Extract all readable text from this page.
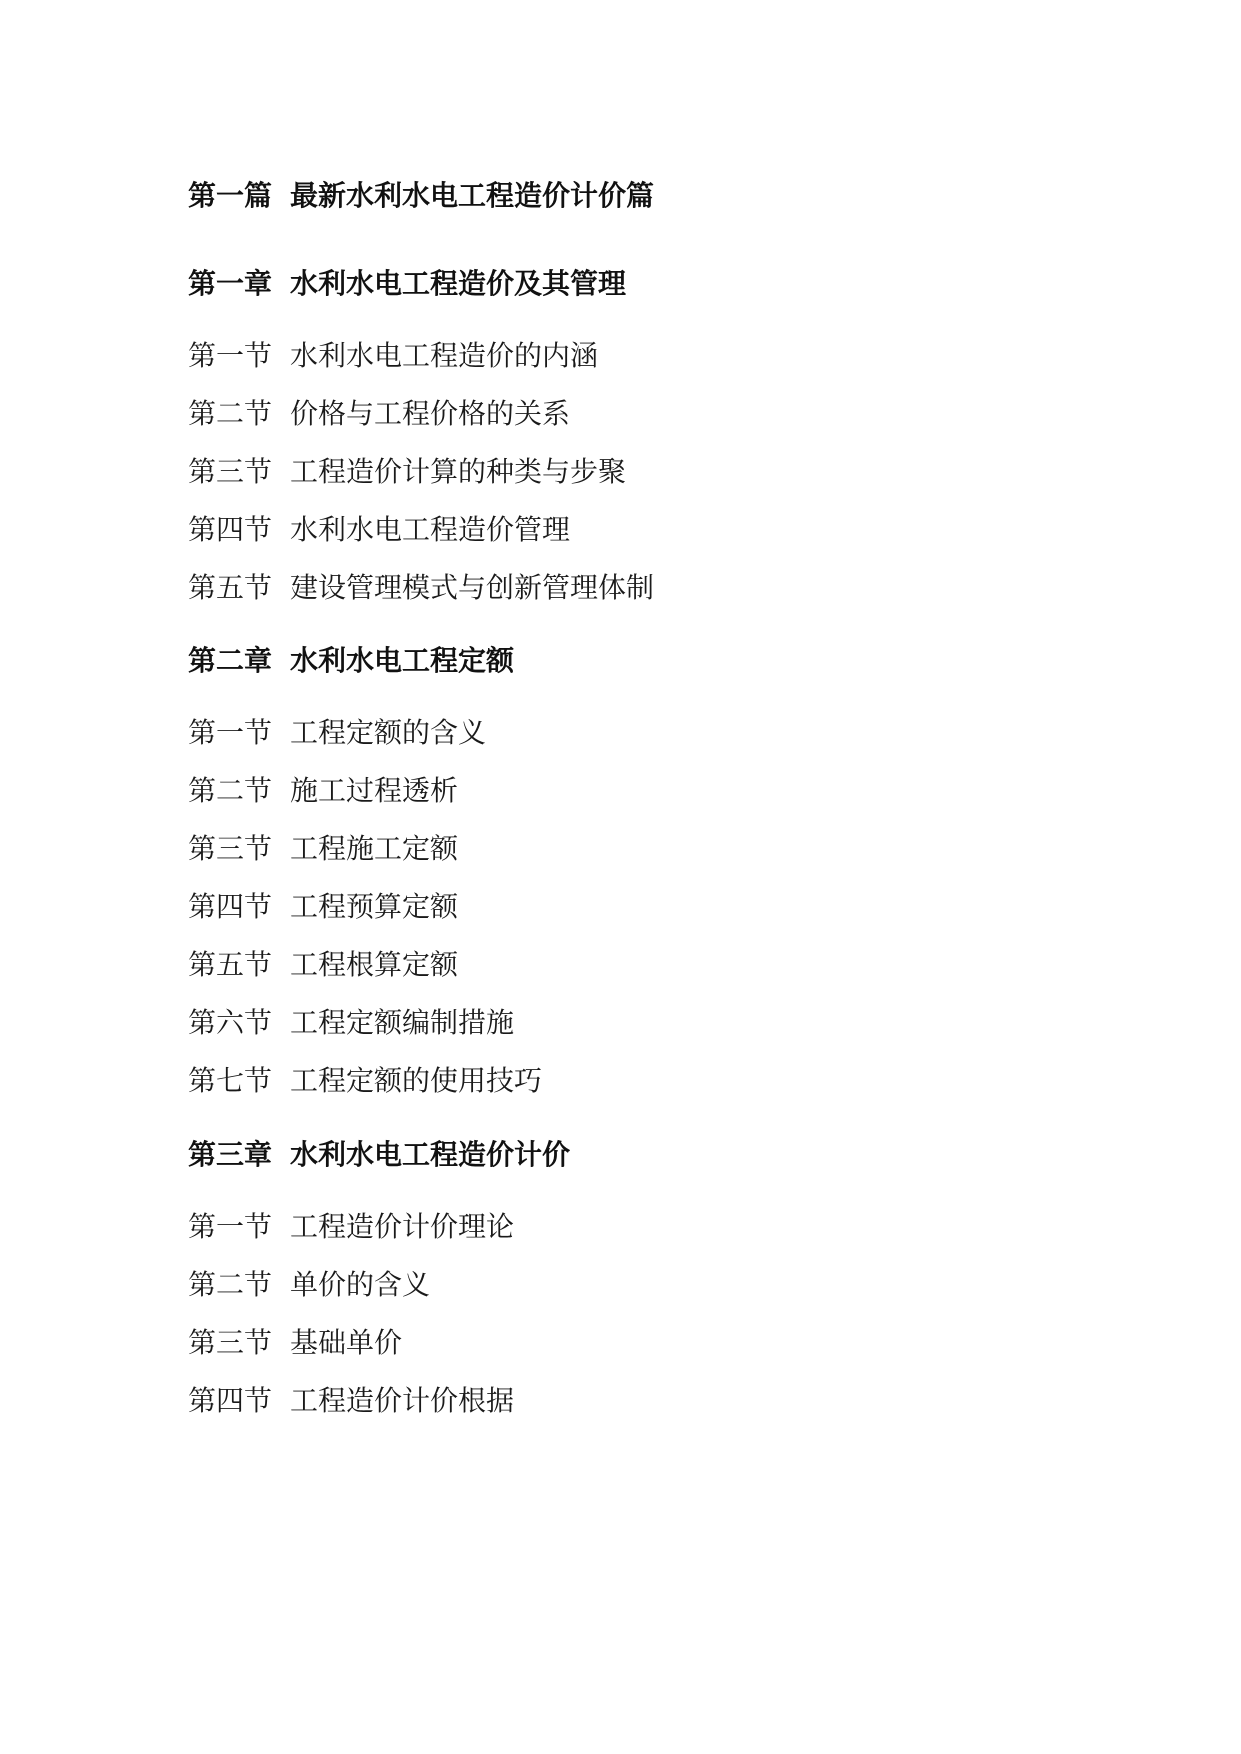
第一篇 最新水利水电工程造价计价篇
第一章 水利水电工程造价及其管理
第一节 水利水电工程造价的内涵
第二节 价格与工程价格的关系
第三节 工程造价计算的种类与步聚
第四节 水利水电工程造价管理
第五节 建设管理模式与创新管理体制
第二章 水利水电工程定额
第一节 工程定额的含义
第二节 施工过程透析
第三节 工程施工定额
第四节 工程预算定额
第五节 工程根算定额
第六节 工程定额编制措施
第七节 工程定额的使用技巧
第三章 水利水电工程造价计价
第一节 工程造价计价理论
第二节 单价的含义
第三节 基础单价
第四节 工程造价计价根据
